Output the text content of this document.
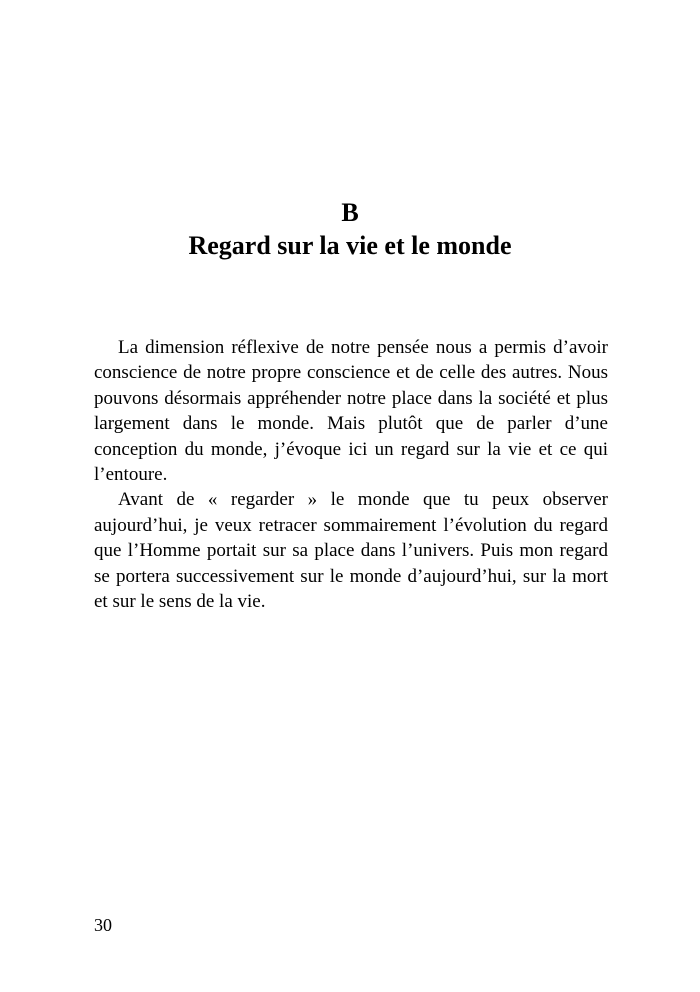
B
Regard sur la vie et le monde

La dimension réflexive de notre pensée nous a permis d’avoir conscience de notre propre conscience et de celle des autres. Nous pouvons désormais appréhender notre place dans la société et plus largement dans le monde. Mais plutôt que de parler d’une conception du monde, j’évoque ici un regard sur la vie et ce qui l’entoure.

Avant de « regarder » le monde que tu peux observer aujourd’hui, je veux retracer sommairement l’évolution du regard que l’Homme portait sur sa place dans l’univers. Puis mon regard se portera successivement sur le monde d’aujourd’hui, sur la mort et sur le sens de la vie.

30
